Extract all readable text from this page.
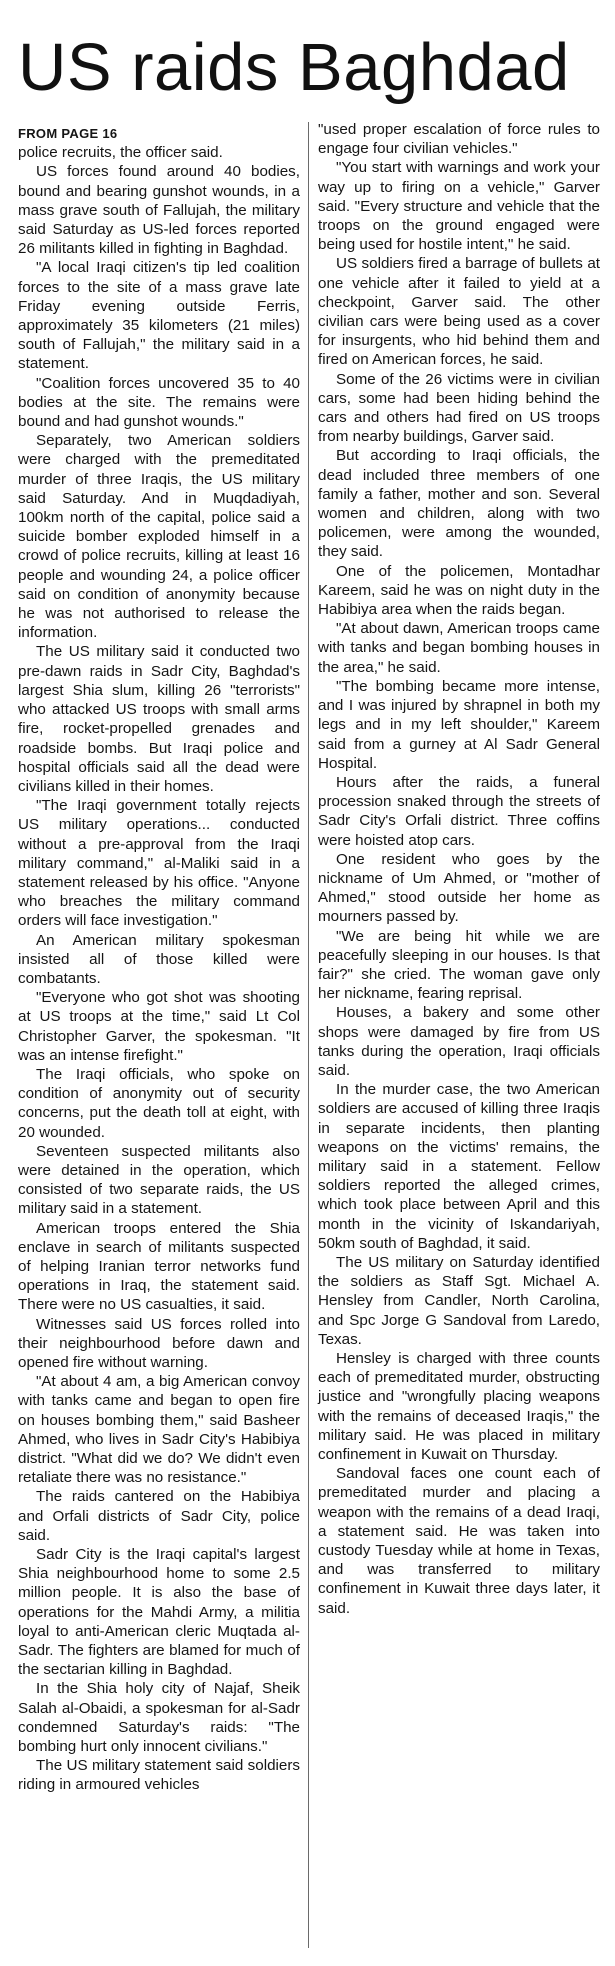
US raids Baghdad
FROM PAGE 16

police recruits, the officer said.

US forces found around 40 bodies, bound and bearing gunshot wounds, in a mass grave south of Fallujah, the military said Saturday as US-led forces reported 26 militants killed in fighting in Baghdad.

"A local Iraqi citizen's tip led coalition forces to the site of a mass grave late Friday evening outside Ferris, approximately 35 kilometers (21 miles) south of Fallujah," the military said in a statement.

"Coalition forces uncovered 35 to 40 bodies at the site. The remains were bound and had gunshot wounds."

Separately, two American soldiers were charged with the premeditated murder of three Iraqis, the US military said Saturday. And in Muqdadiyah, 100km north of the capital, police said a suicide bomber exploded himself in a crowd of police recruits, killing at least 16 people and wounding 24, a police officer said on condition of anonymity because he was not authorised to release the information.

The US military said it conducted two pre-dawn raids in Sadr City, Baghdad's largest Shia slum, killing 26 "terrorists" who attacked US troops with small arms fire, rocket-propelled grenades and roadside bombs. But Iraqi police and hospital officials said all the dead were civilians killed in their homes.

"The Iraqi government totally rejects US military operations... conducted without a pre-approval from the Iraqi military command," al-Maliki said in a statement released by his office. "Anyone who breaches the military command orders will face investigation."

An American military spokesman insisted all of those killed were combatants.

"Everyone who got shot was shooting at US troops at the time," said Lt Col Christopher Garver, the spokesman. "It was an intense firefight."

The Iraqi officials, who spoke on condition of anonymity out of security concerns, put the death toll at eight, with 20 wounded.

Seventeen suspected militants also were detained in the operation, which consisted of two separate raids, the US military said in a statement.

American troops entered the Shia enclave in search of militants suspected of helping Iranian terror networks fund operations in Iraq, the statement said. There were no US casualties, it said.

Witnesses said US forces rolled into their neighbourhood before dawn and opened fire without warning.

"At about 4 am, a big American convoy with tanks came and began to open fire on houses bombing them," said Basheer Ahmed, who lives in Sadr City's Habibiya district. "What did we do? We didn't even retaliate there was no resistance."

The raids cantered on the Habibiya and Orfali districts of Sadr City, police said.

Sadr City is the Iraqi capital's largest Shia neighbourhood home to some 2.5 million people. It is also the base of operations for the Mahdi Army, a militia loyal to anti-American cleric Muqtada al-Sadr. The fighters are blamed for much of the sectarian killing in Baghdad.

In the Shia holy city of Najaf, Sheik Salah al-Obaidi, a spokesman for al-Sadr condemned Saturday's raids: "The bombing hurt only innocent civilians."

The US military statement said soldiers riding in armoured vehicles

"used proper escalation of force rules to engage four civilian vehicles."

"You start with warnings and work your way up to firing on a vehicle," Garver said. "Every structure and vehicle that the troops on the ground engaged were being used for hostile intent," he said.

US soldiers fired a barrage of bullets at one vehicle after it failed to yield at a checkpoint, Garver said. The other civilian cars were being used as a cover for insurgents, who hid behind them and fired on American forces, he said.

Some of the 26 victims were in civilian cars, some had been hiding behind the cars and others had fired on US troops from nearby buildings, Garver said.

But according to Iraqi officials, the dead included three members of one family a father, mother and son. Several women and children, along with two policemen, were among the wounded, they said.

One of the policemen, Montadhar Kareem, said he was on night duty in the Habibiya area when the raids began.

"At about dawn, American troops came with tanks and began bombing houses in the area," he said.

"The bombing became more intense, and I was injured by shrapnel in both my legs and in my left shoulder," Kareem said from a gurney at Al Sadr General Hospital.

Hours after the raids, a funeral procession snaked through the streets of Sadr City's Orfali district. Three coffins were hoisted atop cars.

One resident who goes by the nickname of Um Ahmed, or "mother of Ahmed," stood outside her home as mourners passed by.

"We are being hit while we are peacefully sleeping in our houses. Is that fair?" she cried. The woman gave only her nickname, fearing reprisal.

Houses, a bakery and some other shops were damaged by fire from US tanks during the operation, Iraqi officials said.

In the murder case, the two American soldiers are accused of killing three Iraqis in separate incidents, then planting weapons on the victims' remains, the military said in a statement. Fellow soldiers reported the alleged crimes, which took place between April and this month in the vicinity of Iskandariyah, 50km south of Baghdad, it said.

The US military on Saturday identified the soldiers as Staff Sgt. Michael A. Hensley from Candler, North Carolina, and Spc Jorge G Sandoval from Laredo, Texas.

Hensley is charged with three counts each of premeditated murder, obstructing justice and "wrongfully placing weapons with the remains of deceased Iraqis," the military said. He was placed in military confinement in Kuwait on Thursday.

Sandoval faces one count each of premeditated murder and placing a weapon with the remains of a dead Iraqi, a statement said. He was taken into custody Tuesday while at home in Texas, and was transferred to military confinement in Kuwait three days later, it said.
